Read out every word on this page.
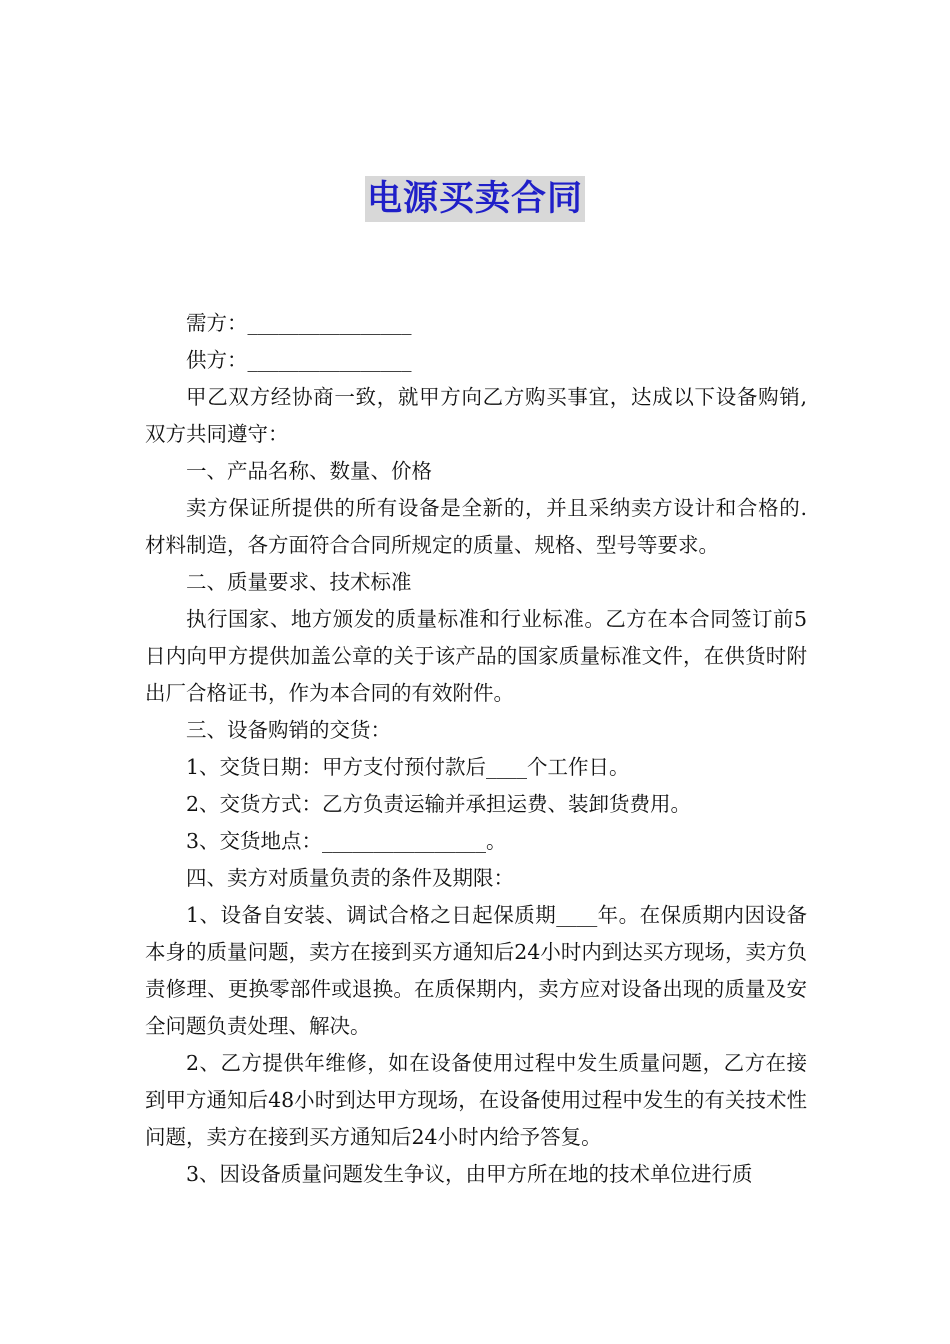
电源买卖合同

需方：________________

供方：________________

甲乙双方经协商一致，就甲方向乙方购买事宜，达成以下设备购销,双方共同遵守：

一、产品名称、数量、价格

卖方保证所提供的所有设备是全新的，并且采纳卖方设计和合格的.材料制造，各方面符合合同所规定的质量、规格、型号等要求。

二、质量要求、技术标准

执行国家、地方颁发的质量标准和行业标准。乙方在本合同签订前5日内向甲方提供加盖公章的关于该产品的国家质量标准文件，在供货时附出厂合格证书，作为本合同的有效附件。

三、设备购销的交货：

1、交货日期：甲方支付预付款后____个工作日。

2、交货方式：乙方负责运输并承担运费、装卸货费用。

3、交货地点：________________。

四、卖方对质量负责的条件及期限：

1、设备自安装、调试合格之日起保质期____年。在保质期内因设备本身的质量问题，卖方在接到买方通知后24小时内到达买方现场，卖方负责修理、更换零部件或退换。在质保期内，卖方应对设备出现的质量及安全问题负责处理、解决。

2、乙方提供年维修，如在设备使用过程中发生质量问题，乙方在接到甲方通知后48小时到达甲方现场，在设备使用过程中发生的有关技术性问题，卖方在接到买方通知后24小时内给予答复。

3、因设备质量问题发生争议，由甲方所在地的技术单位进行质
